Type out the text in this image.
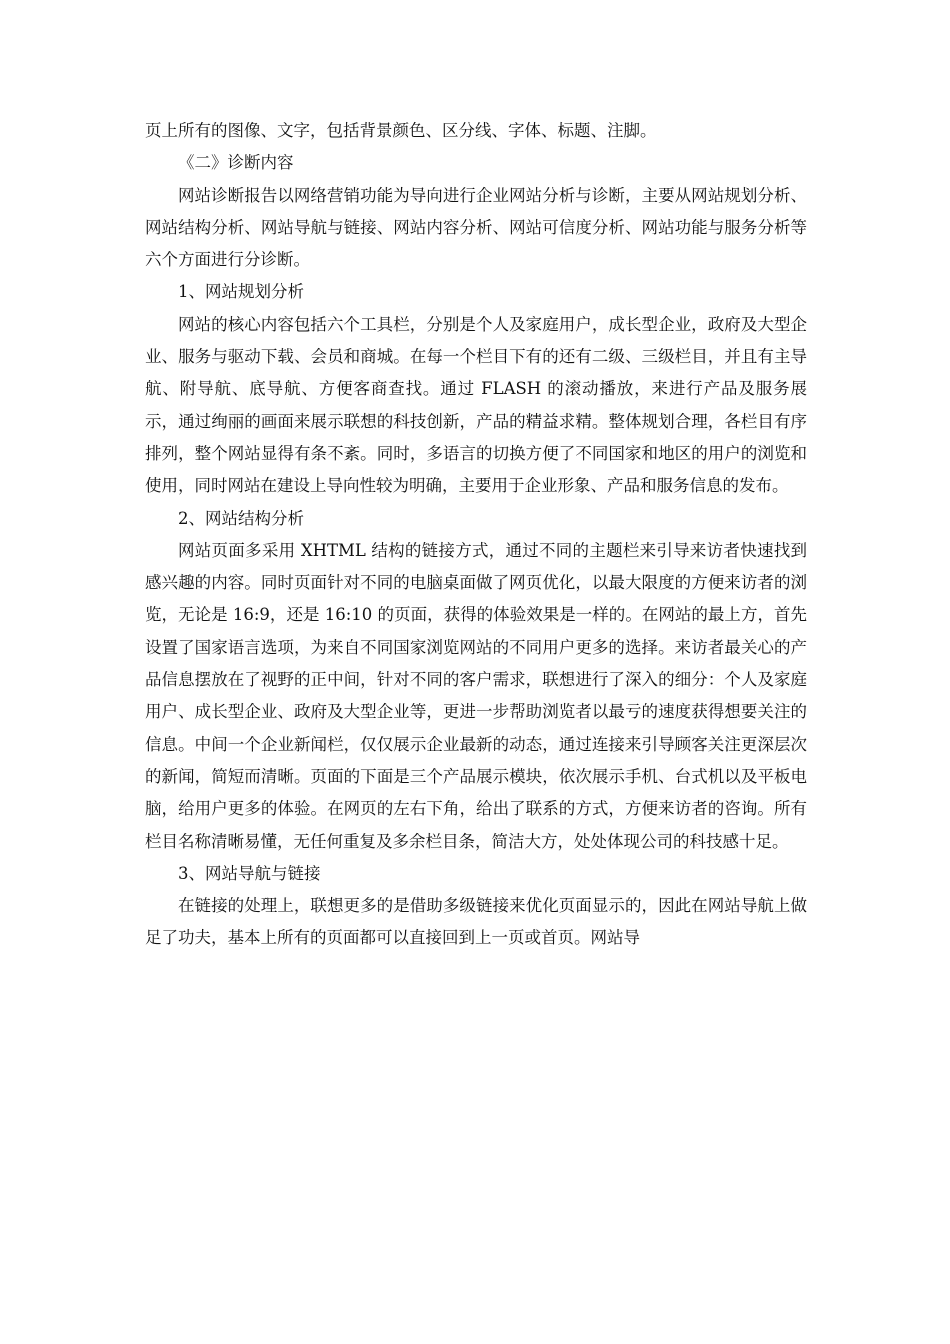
页上所有的图像、文字，包括背景颜色、区分线、字体、标题、注脚。

《二》诊断内容

网站诊断报告以网络营销功能为导向进行企业网站分析与诊断，主要从网站规划分析、网站结构分析、网站导航与链接、网站内容分析、网站可信度分析、网站功能与服务分析等六个方面进行分诊断。

1、网站规划分析

网站的核心内容包括六个工具栏，分别是个人及家庭用户，成长型企业，政府及大型企业、服务与驱动下载、会员和商城。在每一个栏目下有的还有二级、三级栏目，并且有主导航、附导航、底导航、方便客商查找。通过 FLASH 的滚动播放，来进行产品及服务展示，通过绚丽的画面来展示联想的科技创新，产品的精益求精。整体规划合理，各栏目有序排列，整个网站显得有条不紊。同时，多语言的切换方便了不同国家和地区的用户的浏览和使用，同时网站在建设上导向性较为明确，主要用于企业形象、产品和服务信息的发布。

2、网站结构分析

网站页面多采用 XHTML 结构的链接方式，通过不同的主题栏来引导来访者快速找到感兴趣的内容。同时页面针对不同的电脑桌面做了网页优化，以最大限度的方便来访者的浏览，无论是 16:9，还是 16:10 的页面，获得的体验效果是一样的。在网站的最上方，首先设置了国家语言选项，为来自不同国家浏览网站的不同用户更多的选择。来访者最关心的产品信息摆放在了视野的正中间，针对不同的客户需求，联想进行了深入的细分：个人及家庭用户、成长型企业、政府及大型企业等，更进一步帮助浏览者以最亏的速度获得想要关注的信息。中间一个企业新闻栏，仅仅展示企业最新的动态，通过连接来引导顾客关注更深层次的新闻，简短而清晰。页面的下面是三个产品展示模块，依次展示手机、台式机以及平板电脑，给用户更多的体验。在网页的左右下角，给出了联系的方式，方便来访者的咨询。所有栏目名称清晰易懂，无任何重复及多余栏目条，简洁大方，处处体现公司的科技感十足。

3、网站导航与链接

在链接的处理上，联想更多的是借助多级链接来优化页面显示的，因此在网站导航上做足了功夫，基本上所有的页面都可以直接回到上一页或首页。网站导
